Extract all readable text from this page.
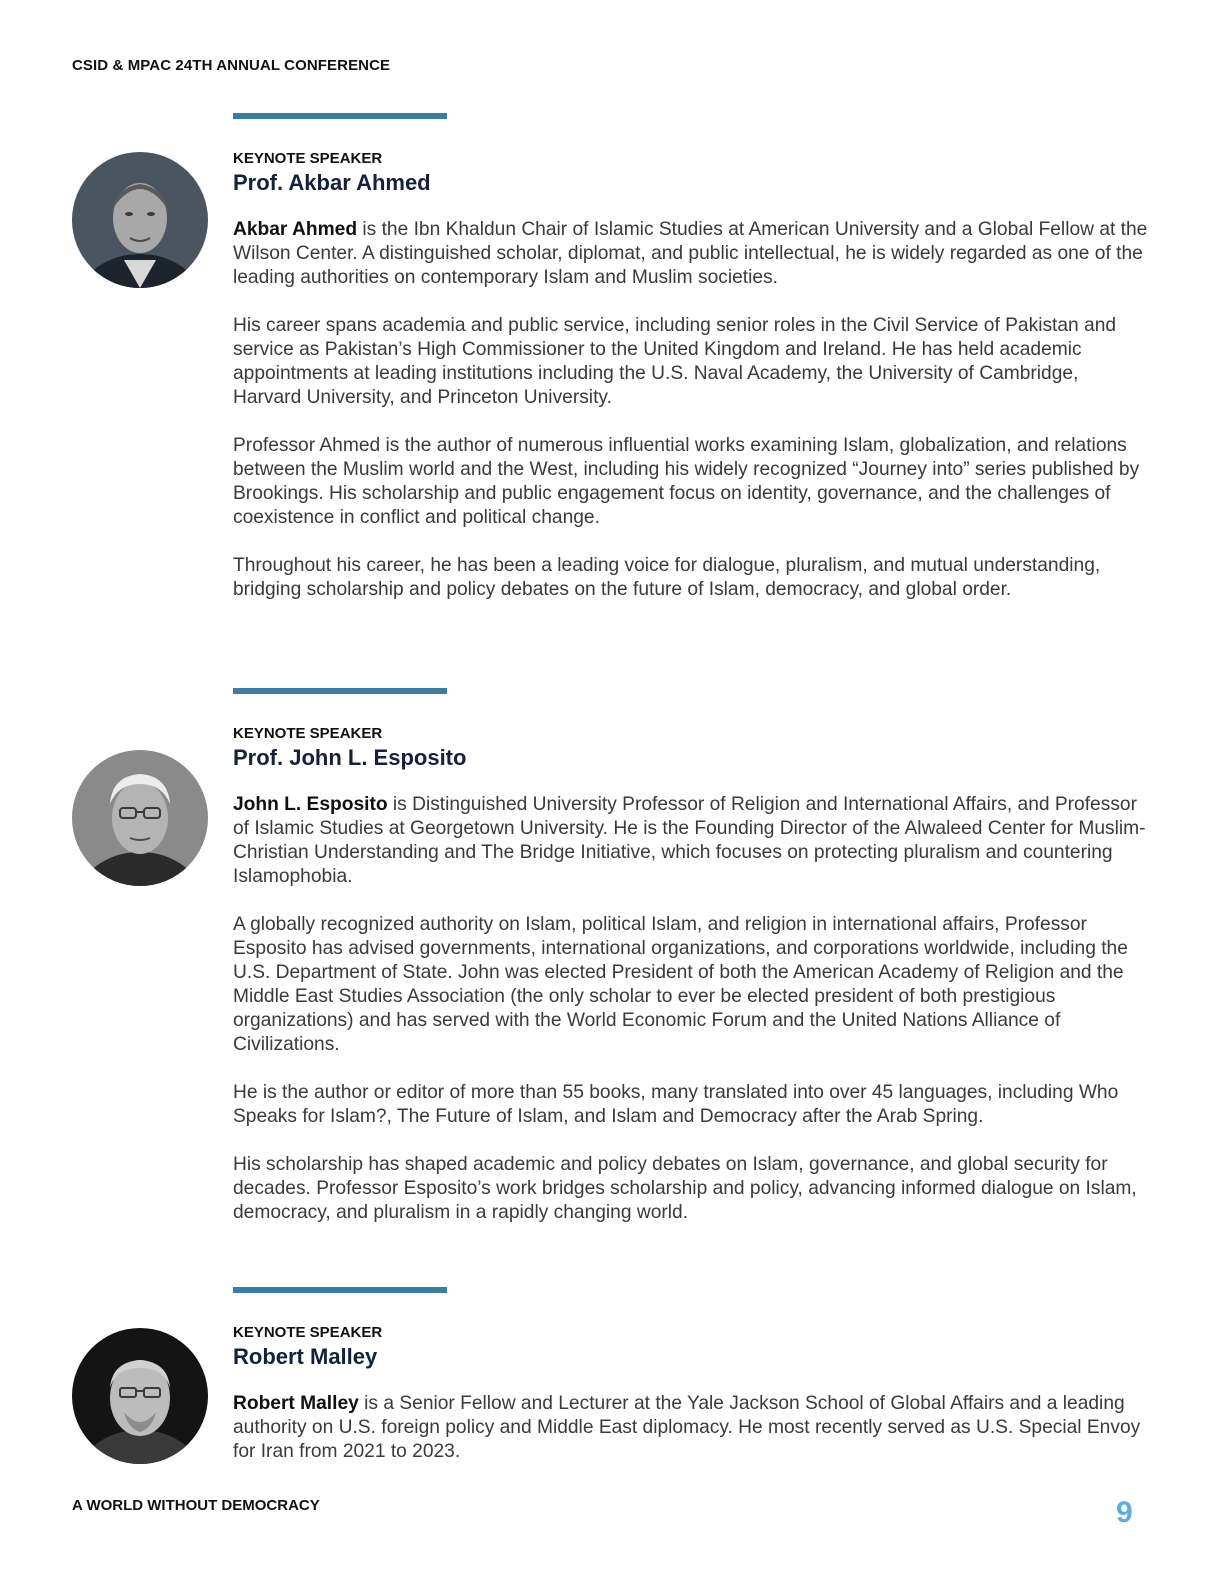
CSID & MPAC 24TH ANNUAL CONFERENCE
KEYNOTE SPEAKER
Prof. Akbar Ahmed

Akbar Ahmed is the Ibn Khaldun Chair of Islamic Studies at American University and a Global Fellow at the Wilson Center. A distinguished scholar, diplomat, and public intellectual, he is widely regarded as one of the leading authorities on contemporary Islam and Muslim societies.

His career spans academia and public service, including senior roles in the Civil Service of Pakistan and service as Pakistan’s High Commissioner to the United Kingdom and Ireland. He has held academic appointments at leading institutions including the U.S. Naval Academy, the University of Cambridge, Harvard University, and Princeton University.

Professor Ahmed is the author of numerous influential works examining Islam, globalization, and relations between the Muslim world and the West, including his widely recognized “Journey into” series published by Brookings. His scholarship and public engagement focus on identity, governance, and the challenges of coexistence in conflict and political change.

Throughout his career, he has been a leading voice for dialogue, pluralism, and mutual understanding, bridging scholarship and policy debates on the future of Islam, democracy, and global order.

KEYNOTE SPEAKER
Prof. John L. Esposito

John L. Esposito is Distinguished University Professor of Religion and International Affairs, and Professor of Islamic Studies at Georgetown University. He is the Founding Director of the Alwaleed Center for Muslim-Christian Understanding and The Bridge Initiative, which focuses on protecting pluralism and countering Islamophobia.

A globally recognized authority on Islam, political Islam, and religion in international affairs, Professor Esposito has advised governments, international organizations, and corporations worldwide, including the U.S. Department of State. John was elected President of both the American Academy of Religion and the Middle East Studies Association (the only scholar to ever be elected president of both prestigious organizations) and has served with the World Economic Forum and the United Nations Alliance of Civilizations.

He is the author or editor of more than 55 books, many translated into over 45 languages, including Who Speaks for Islam?, The Future of Islam, and Islam and Democracy after the Arab Spring.

His scholarship has shaped academic and policy debates on Islam, governance, and global security for decades. Professor Esposito’s work bridges scholarship and policy, advancing informed dialogue on Islam, democracy, and pluralism in a rapidly changing world.

KEYNOTE SPEAKER
Robert Malley

Robert Malley is a Senior Fellow and Lecturer at the Yale Jackson School of Global Affairs and a leading authority on U.S. foreign policy and Middle East diplomacy. He most recently served as U.S. Special Envoy for Iran from 2021 to 2023.

A WORLD WITHOUT DEMOCRACY	9
